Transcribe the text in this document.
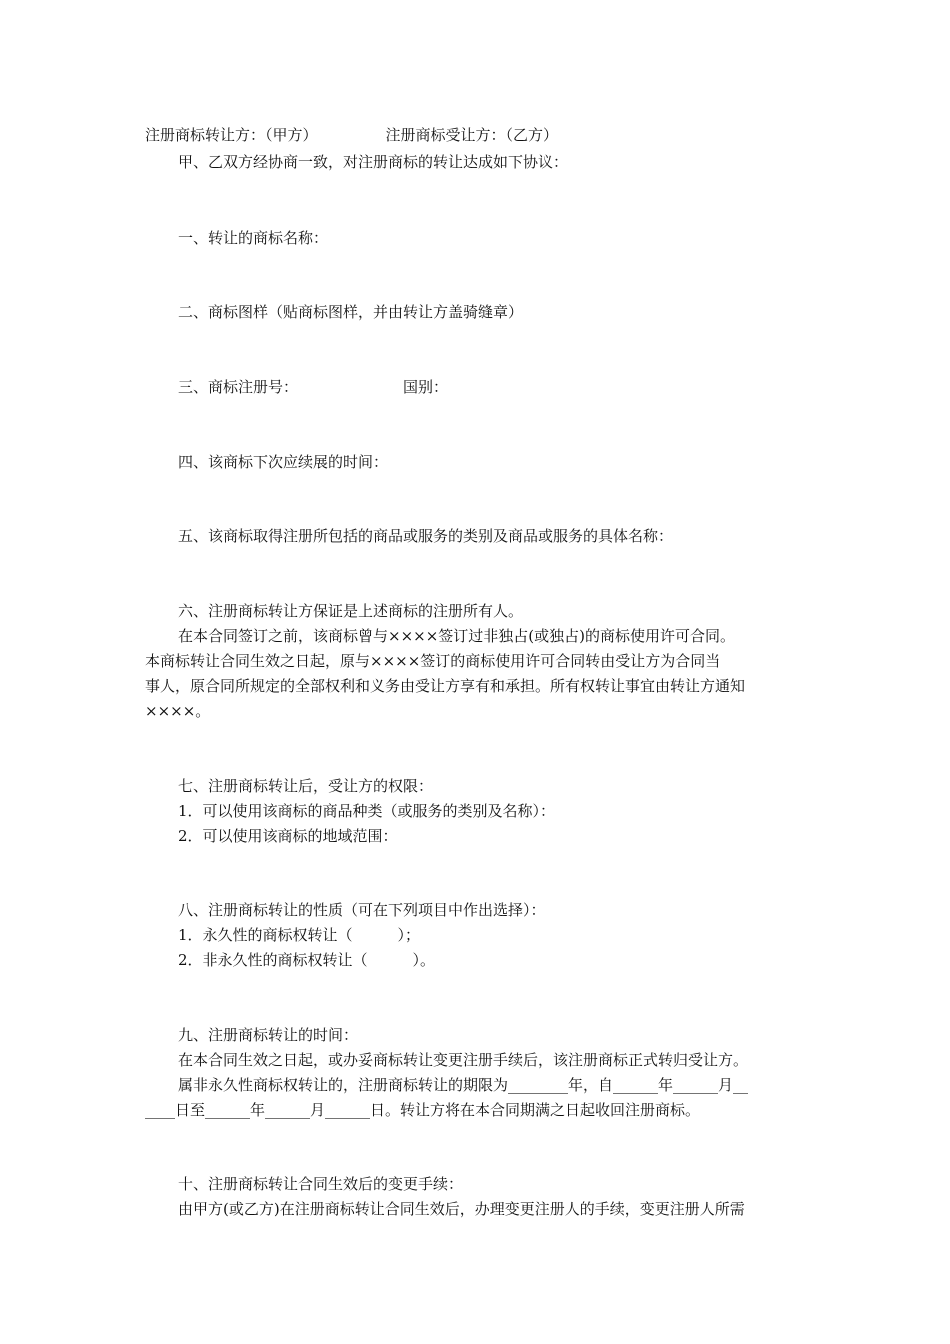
注册商标转让方：（甲方）	注册商标受让方：（乙方）

甲、乙双方经协商一致，对注册商标的转让达成如下协议：

一、转让的商标名称：

二、商标图样（贴商标图样，并由转让方盖骑缝章）

三、商标注册号：	国别：

四、该商标下次应续展的时间：

五、该商标取得注册所包括的商品或服务的类别及商品或服务的具体名称：

六、注册商标转让方保证是上述商标的注册所有人。

在本合同签订之前，该商标曾与××××签订过非独占(或独占)的商标使用许可合同。

本商标转让合同生效之日起，原与××××签订的商标使用许可合同转由受让方为合同当

事人，原合同所规定的全部权利和义务由受让方享有和承担。所有权转让事宜由转让方通知

××××。

七、注册商标转让后，受让方的权限：

1．可以使用该商标的商品种类（或服务的类别及名称）：

2．可以使用该商标的地域范围：

八、注册商标转让的性质（可在下列项目中作出选择）：

1．永久性的商标权转让（　　　）；

2．非永久性的商标权转让（　　　）。

九、注册商标转让的时间：

在本合同生效之日起，或办妥商标转让变更注册手续后，该注册商标正式转归受让方。

属非永久性商标权转让的，注册商标转让的期限为________年，自______年______月__

____日至______年______月______日。转让方将在本合同期满之日起收回注册商标。

十、注册商标转让合同生效后的变更手续：

由甲方(或乙方)在注册商标转让合同生效后，办理变更注册人的手续，变更注册人所需
